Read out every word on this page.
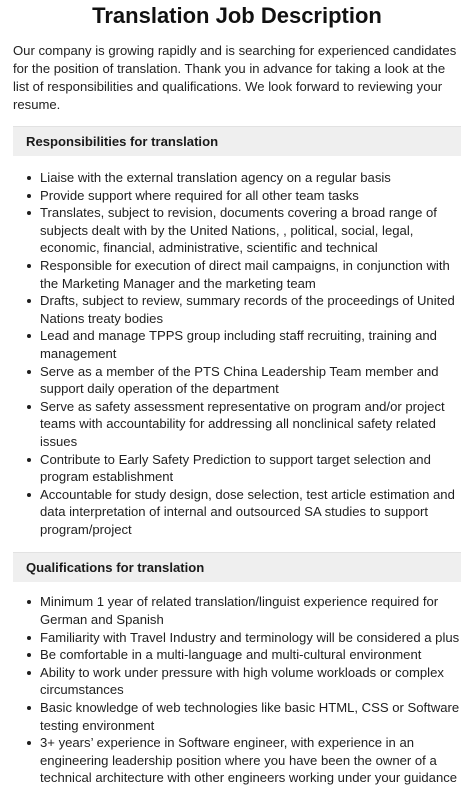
Translation Job Description

Our company is growing rapidly and is searching for experienced candidates for the position of translation. Thank you in advance for taking a look at the list of responsibilities and qualifications. We look forward to reviewing your resume.

Responsibilities for translation
Liaise with the external translation agency on a regular basis
Provide support where required for all other team tasks
Translates, subject to revision, documents covering a broad range of subjects dealt with by the United Nations, , political, social, legal, economic, financial, administrative, scientific and technical
Responsible for execution of direct mail campaigns, in conjunction with the Marketing Manager and the marketing team
Drafts, subject to review, summary records of the proceedings of United Nations treaty bodies
Lead and manage TPPS group including staff recruiting, training and management
Serve as a member of the PTS China Leadership Team member and support daily operation of the department
Serve as safety assessment representative on program and/or project teams with accountability for addressing all nonclinical safety related issues
Contribute to Early Safety Prediction to support target selection and program establishment
Accountable for study design, dose selection, test article estimation and data interpretation of internal and outsourced SA studies to support program/project
Qualifications for translation
Minimum 1 year of related translation/linguist experience required for German and Spanish
Familiarity with Travel Industry and terminology will be considered a plus
Be comfortable in a multi-language and multi-cultural environment
Ability to work under pressure with high volume workloads or complex circumstances
Basic knowledge of web technologies like basic HTML, CSS or Software testing environment
3+ years’ experience in Software engineer, with experience in an engineering leadership position where you have been the owner of a technical architecture with other engineers working under your guidance
